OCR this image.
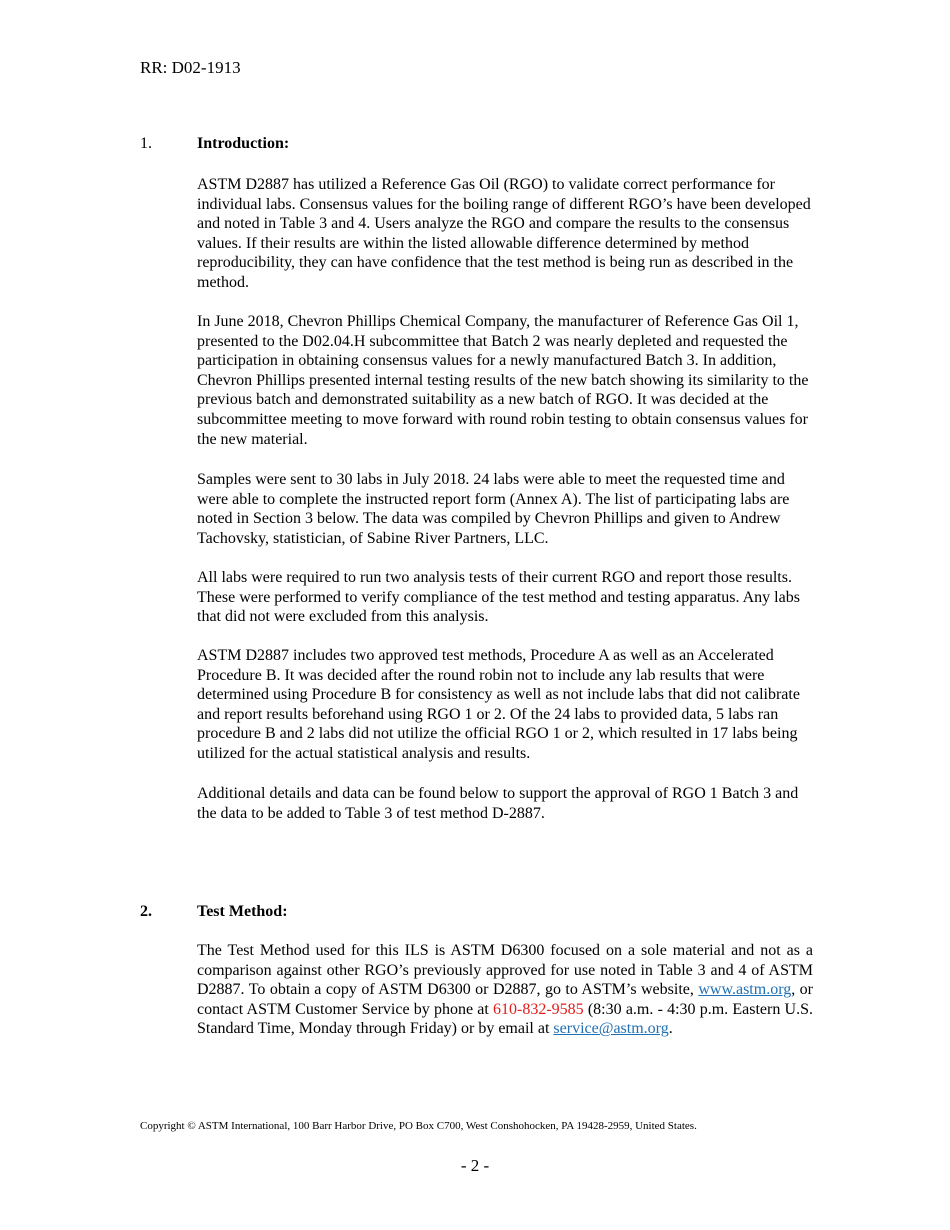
RR: D02-1913
1.	Introduction:

ASTM D2887 has utilized a Reference Gas Oil (RGO) to validate correct performance for individual labs. Consensus values for the boiling range of different RGO’s have been developed and noted in Table 3 and 4. Users analyze the RGO and compare the results to the consensus values. If their results are within the listed allowable difference determined by method reproducibility, they can have confidence that the test method is being run as described in the method.

In June 2018, Chevron Phillips Chemical Company, the manufacturer of Reference Gas Oil 1, presented to the D02.04.H subcommittee that Batch 2 was nearly depleted and requested the participation in obtaining consensus values for a newly manufactured Batch 3. In addition, Chevron Phillips presented internal testing results of the new batch showing its similarity to the previous batch and demonstrated suitability as a new batch of RGO. It was decided at the subcommittee meeting to move forward with round robin testing to obtain consensus values for the new material.

Samples were sent to 30 labs in July 2018. 24 labs were able to meet the requested time and were able to complete the instructed report form (Annex A). The list of participating labs are noted in Section 3 below. The data was compiled by Chevron Phillips and given to Andrew Tachovsky, statistician, of Sabine River Partners, LLC.

All labs were required to run two analysis tests of their current RGO and report those results. These were performed to verify compliance of the test method and testing apparatus. Any labs that did not were excluded from this analysis.

ASTM D2887 includes two approved test methods, Procedure A as well as an Accelerated Procedure B. It was decided after the round robin not to include any lab results that were determined using Procedure B for consistency as well as not include labs that did not calibrate and report results beforehand using RGO 1 or 2. Of the 24 labs to provided data, 5 labs ran procedure B and 2 labs did not utilize the official RGO 1 or 2, which resulted in 17 labs being utilized for the actual statistical analysis and results.

Additional details and data can be found below to support the approval of RGO 1 Batch 3 and the data to be added to Table 3 of test method D-2887.

2.	Test Method:

The Test Method used for this ILS is ASTM D6300 focused on a sole material and not as a comparison against other RGO’s previously approved for use noted in Table 3 and 4 of ASTM D2887. To obtain a copy of ASTM D6300 or D2887, go to ASTM’s website, www.astm.org, or contact ASTM Customer Service by phone at 610-832-9585 (8:30 a.m. - 4:30 p.m. Eastern U.S. Standard Time, Monday through Friday) or by email at service@astm.org.

Copyright © ASTM International, 100 Barr Harbor Drive, PO Box C700, West Conshohocken, PA 19428-2959, United States.
- 2 -
